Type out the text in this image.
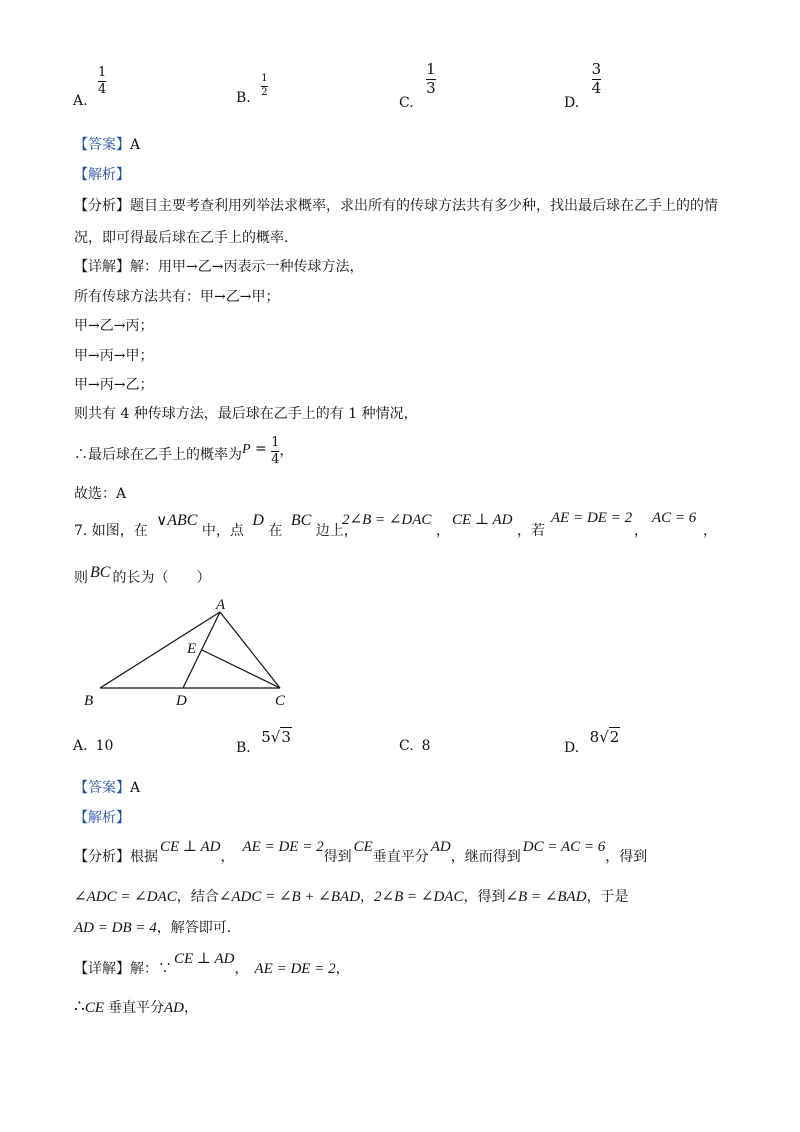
A.
$\frac{1}{4}$
B. $\frac{1}{2}$
C.
$\frac{1}{3}$
D.
$\frac{3}{4}$
【答案】A
【解析】
【分析】题目主要考查利用列举法求概率，求出所有的传球方法共有多少种，找出最后球在乙手上的的情
况，即可得最后球在乙手上的概率.
【详解】解：用甲→乙→丙表示一种传球方法，
所有传球方法共有：甲→乙→甲；
甲→乙→丙；
甲→丙→甲；
甲→丙→乙；
则共有 4 种传球方法，最后球在乙手上的有 1 种情况，
∴最后球在乙手上的概率为$P = \frac{1}{4}$ ，
故选：A
7. 如图，在 ∨ABC 中，点 D 在 BC 边上，
2∠B = ∠DAC
，
CE ⊥ AD
，若
AE = DE = 2
，
AC = 6
，
则 BC 的长为（　　）
A
B	D	C
E
A. 10	B. 5√3	C. 8	D. 8√2
【答案】A
【解析】
【分析】根据CE ⊥ AD，AE = DE = 2得到CE垂直平分AD，继而得到DC = AC = 6，得到
∠ADC = ∠DAC，结合∠ADC = ∠B + ∠BAD，2∠B = ∠DAC，得到∠B = ∠BAD，于是
AD = DB = 4，解答即可.
【详解】解：∵CE ⊥ AD， AE = DE = 2，
∴CE 垂直平分AD，
